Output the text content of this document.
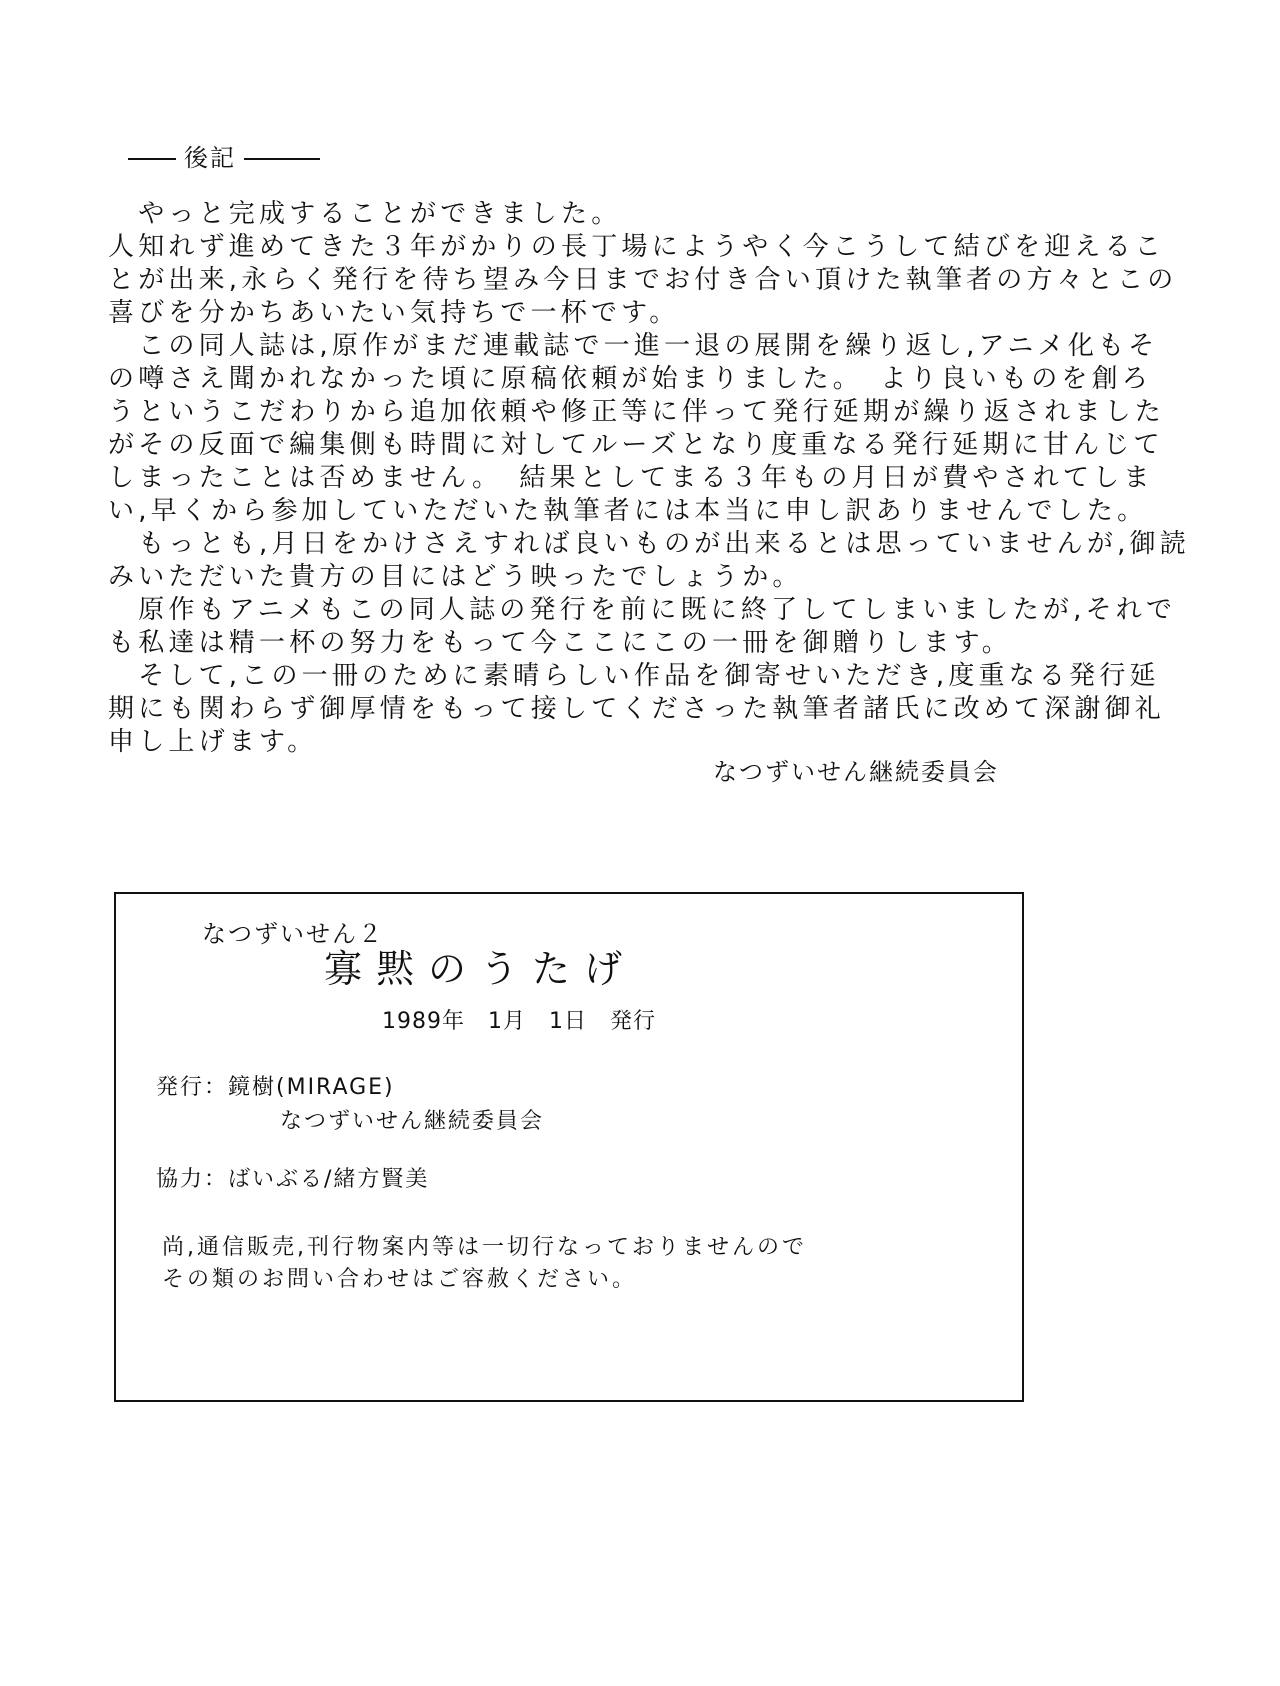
後記
　やっと完成することができました。
人知れず進めてきた３年がかりの長丁場にようやく今こうして結びを迎えるこ
とが出来,永らく発行を待ち望み今日までお付き合い頂けた執筆者の方々とこの
喜びを分かちあいたい気持ちで一杯です。
　この同人誌は,原作がまだ連載誌で一進一退の展開を繰り返し,アニメ化もそ
の噂さえ聞かれなかった頃に原稿依頼が始まりました。　より良いものを創ろ
うというこだわりから追加依頼や修正等に伴って発行延期が繰り返されました
がその反面で編集側も時間に対してルーズとなり度重なる発行延期に甘んじて
しまったことは否めません。　結果としてまる３年もの月日が費やされてしま
い,早くから参加していただいた執筆者には本当に申し訳ありませんでした。
　もっとも,月日をかけさえすれば良いものが出来るとは思っていませんが,御読
みいただいた貴方の目にはどう映ったでしょうか。
　原作もアニメもこの同人誌の発行を前に既に終了してしまいましたが,それで
も私達は精一杯の努力をもって今ここにこの一冊を御贈りします。
　そして,この一冊のために素晴らしい作品を御寄せいただき,度重なる発行延
期にも関わらず御厚情をもって接してくださった執筆者諸氏に改めて深謝御礼
申し上げます。
なつずいせん継続委員会
なつずいせん２
寡黙のうたげ
1989年　1月　1日　発行
発行：鏡樹(MIRAGE)
なつずいせん継続委員会
協力：ばいぶる/緒方賢美
尚,通信販売,刊行物案内等は一切行なっておりませんので
その類のお問い合わせはご容赦ください。
